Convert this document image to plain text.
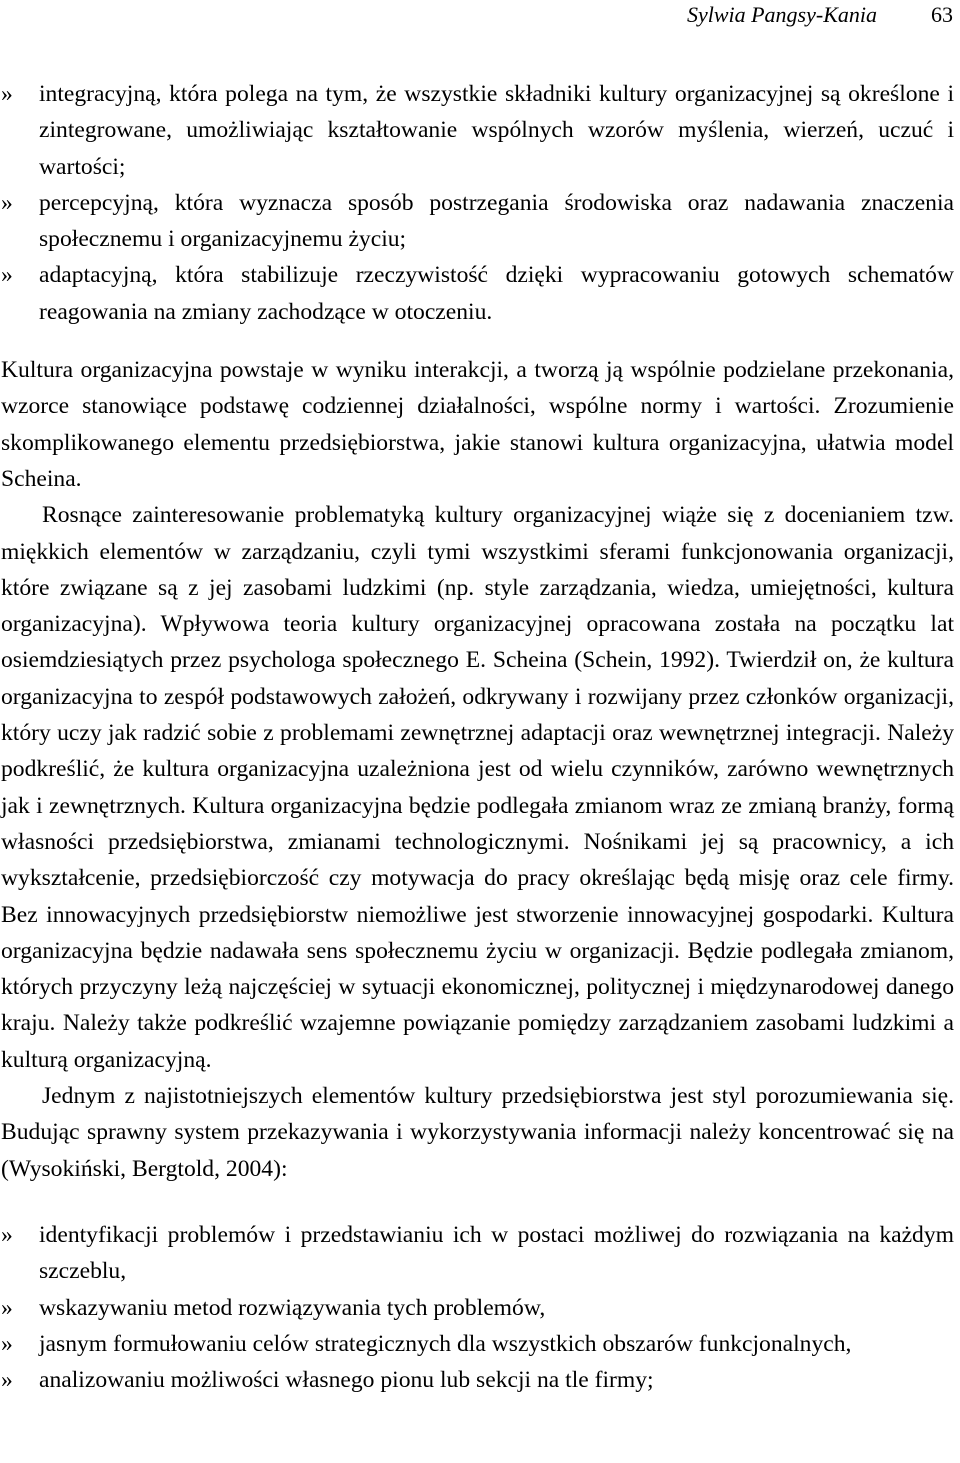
Sylwia Pangsy-Kania 63
» integracyjną, która polega na tym, że wszystkie składniki kultury organizacyjnej są określone i zintegrowane, umożliwiając kształtowanie wspólnych wzorów myślenia, wierzeń, uczuć i wartości;
» percepcyjną, która wyznacza sposób postrzegania środowiska oraz nadawania znaczenia społecznemu i organizacyjnemu życiu;
» adaptacyjną, która stabilizuje rzeczywistość dzięki wypracowaniu gotowych schematów reagowania na zmiany zachodzące w otoczeniu.

Kultura organizacyjna powstaje w wyniku interakcji, a tworzą ją wspólnie podzielane przekonania, wzorce stanowiące podstawę codziennej działalności, wspólne normy i wartości. Zrozumienie skomplikowanego elementu przedsiębiorstwa, jakie stanowi kultura organizacyjna, ułatwia model Scheina.

Rosnące zainteresowanie problematyką kultury organizacyjnej wiąże się z docenianiem tzw. miękkich elementów w zarządzaniu, czyli tymi wszystkimi sferami funkcjonowania organizacji, które związane są z jej zasobami ludzkimi (np. style zarządzania, wiedza, umiejętności, kultura organizacyjna). Wpływowa teoria kultury organizacyjnej opracowana została na początku lat osiemdziesiątych przez psychologa społecznego E. Scheina (Schein, 1992). Twierdził on, że kultura organizacyjna to zespół podstawowych założeń, odkrywany i rozwijany przez członków organizacji, który uczy jak radzić sobie z problemami zewnętrznej adaptacji oraz wewnętrznej integracji. Należy podkreślić, że kultura organizacyjna uzależniona jest od wielu czynników, zarówno wewnętrznych jak i zewnętrznych. Kultura organizacyjna będzie podlegała zmianom wraz ze zmianą branży, formą własności przedsiębiorstwa, zmianami technologicznymi. Nośnikami jej są pracownicy, a ich wykształcenie, przedsiębiorczość czy motywacja do pracy określając będą misję oraz cele firmy. Bez innowacyjnych przedsiębiorstw niemożliwe jest stworzenie innowacyjnej gospodarki. Kultura organizacyjna będzie nadawała sens społecznemu życiu w organizacji. Będzie podlegała zmianom, których przyczyny leżą najczęściej w sytuacji ekonomicznej, politycznej i międzynarodowej danego kraju. Należy także podkreślić wzajemne powiązanie pomiędzy zarządzaniem zasobami ludzkimi a kulturą organizacyjną.

Jednym z najistotniejszych elementów kultury przedsiębiorstwa jest styl porozumiewania się. Budując sprawny system przekazywania i wykorzystywania informacji należy koncentrować się na (Wysokiński, Bergtold, 2004):

» identyfikacji problemów i przedstawianiu ich w postaci możliwej do rozwiązania na każdym szczeblu,
» wskazywaniu metod rozwiązywania tych problemów,
» jasnym formułowaniu celów strategicznych dla wszystkich obszarów funkcjonalnych,
» analizowaniu możliwości własnego pionu lub sekcji na tle firmy;
